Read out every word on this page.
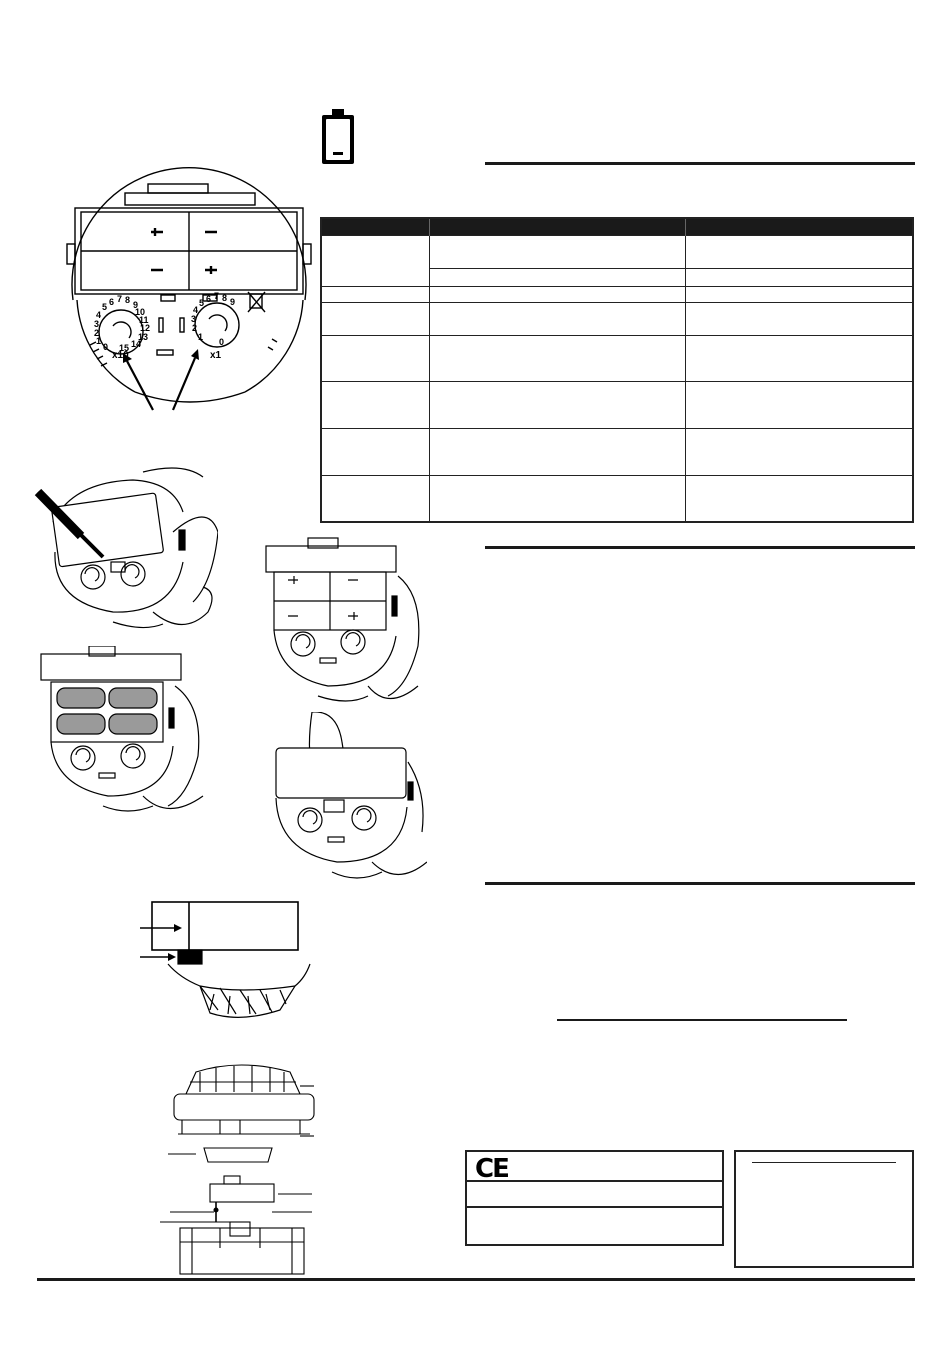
0
1
2
3
4
5 6 7 8 9
10
11
12
13
14
15
0
1
2
3
4
5 6 7 8 9
x10	x1
CE
